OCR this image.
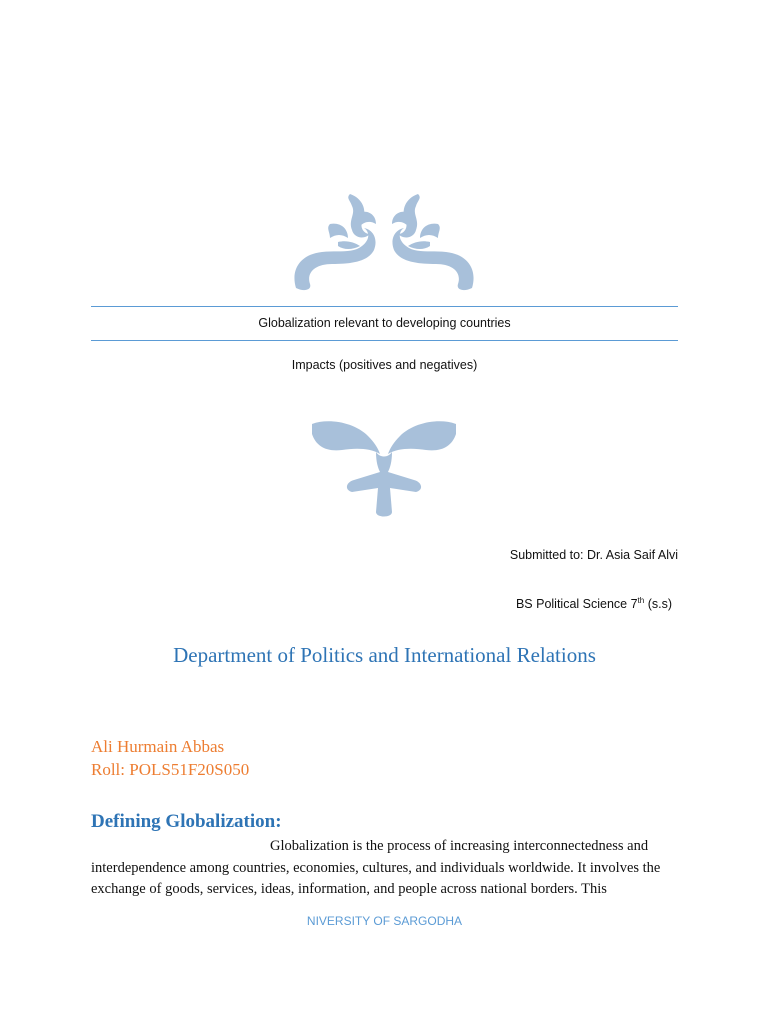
Globalization relevant to developing countries
Impacts (positives and negatives)
Submitted to: Dr. Asia Saif Alvi
BS Political Science 7th (s.s)
Department of Politics and International Relations
Ali Hurmain Abbas
Roll: POLS51F20S050
Defining Globalization:
Globalization is the process of increasing interconnectedness and
interdependence among countries, economies, cultures, and individuals worldwide. It involves the
exchange of goods, services, ideas, information, and people across national borders. This
NIVERSITY OF SARGODHA
